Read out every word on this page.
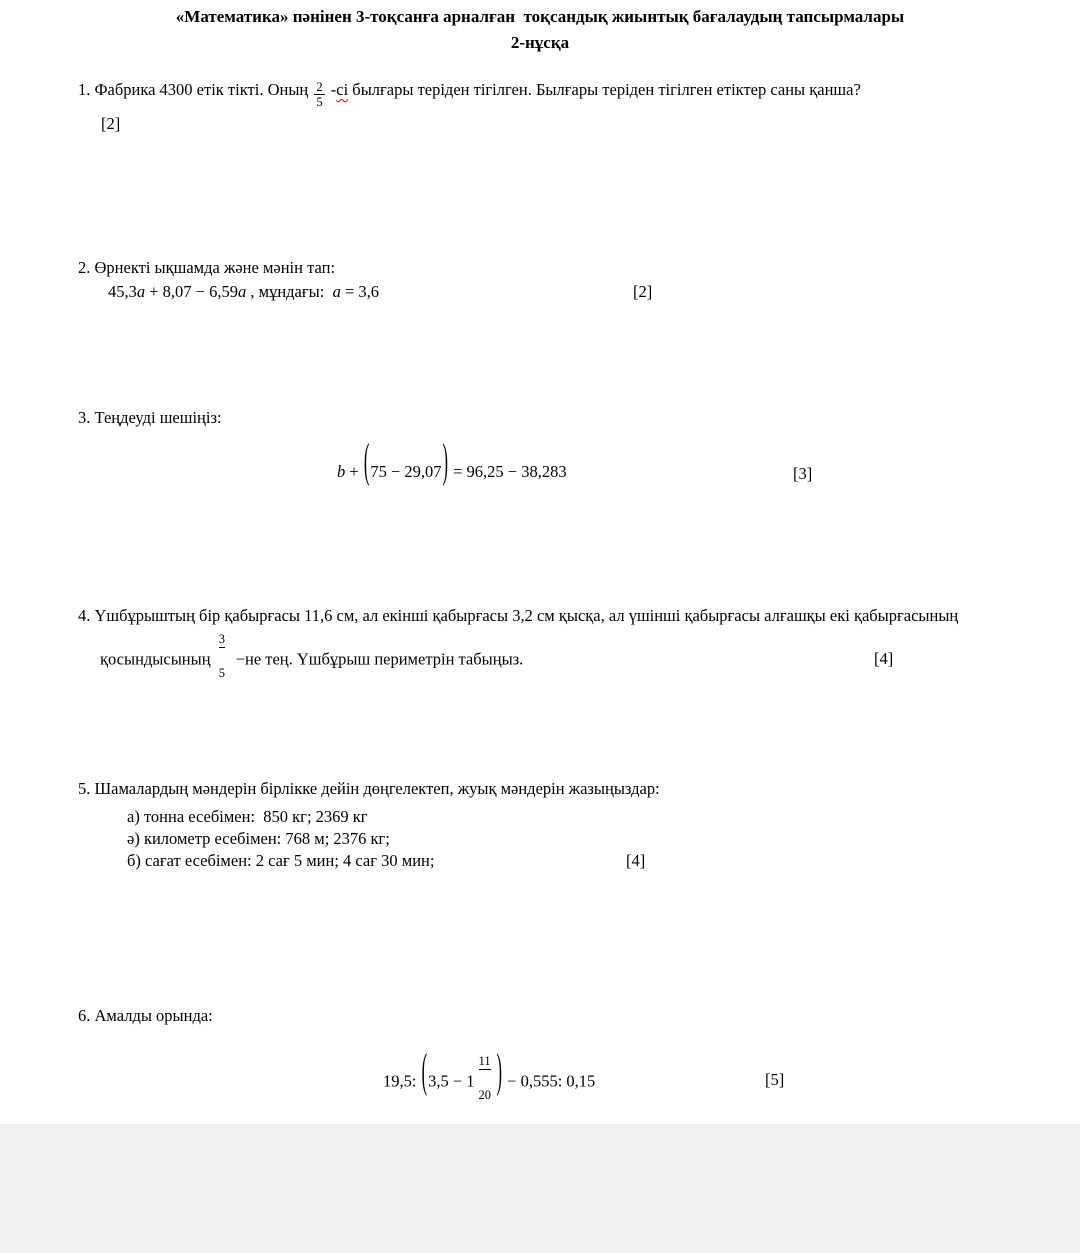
«Математика» пәнінен 3-тоқсанға арналған  тоқсандық жиынтық бағалаудың тапсырмалары
2-нұсқа
1. Фабрика 4300 етік тікті. Оның $\frac{2}{5} -сі$ былғары теріден тігілген. Былғары теріден тігілген етіктер саны қанша?
[2]
2. Өрнекті ықшамда және мәнін тап:
45,3a + 8,07 − 6,59a , мұндағы:  a = 3,6	[2]
3. Теңдеуді шешіңіз:
b + (75 − 29,07) = 96,25 − 38,283	[3]
4. Үшбұрыштың бір қабырғасы 11,6 см, ал екінші қабырғасы 3,2 см қысқа, ал үшінші қабырғасы алғашқы екі қабырғасының
қосындысының $\frac{3}{5} -не$ тең. Үшбұрыш периметрін табыңыз.	[4]
5. Шамалардың мәндерін бірлікке дейін дөңгелектеп, жуық мәндерін жазыңыздар:
а) тонна есебімен:  850 кг; 2369 кг
ә) километр есебімен: 768 м; 2376 кг;
б) сағат есебімен: 2 сағ 5 мин; 4 сағ 30 мин;	[4]
6. Амалды орында:
19,5: ($3,5 - 1 \frac{11}{20}$ ) − 0,555: 0,15	[5]
